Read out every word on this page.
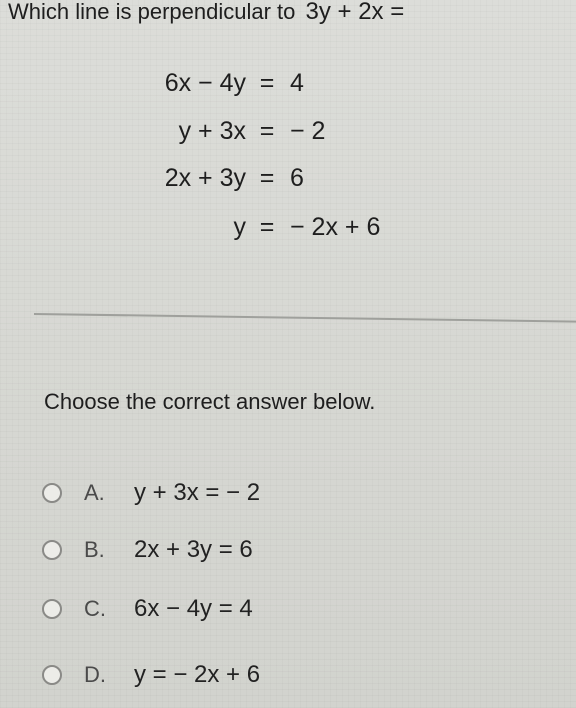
Which line is perpendicular to 3y + 2x =
6x − 4y = 4
y + 3x = − 2
2x + 3y = 6
y = − 2x + 6
Choose the correct answer below.
A.	y + 3x = − 2
B.	2x + 3y = 6
C.	6x − 4y = 4
D.	y = − 2x + 6
